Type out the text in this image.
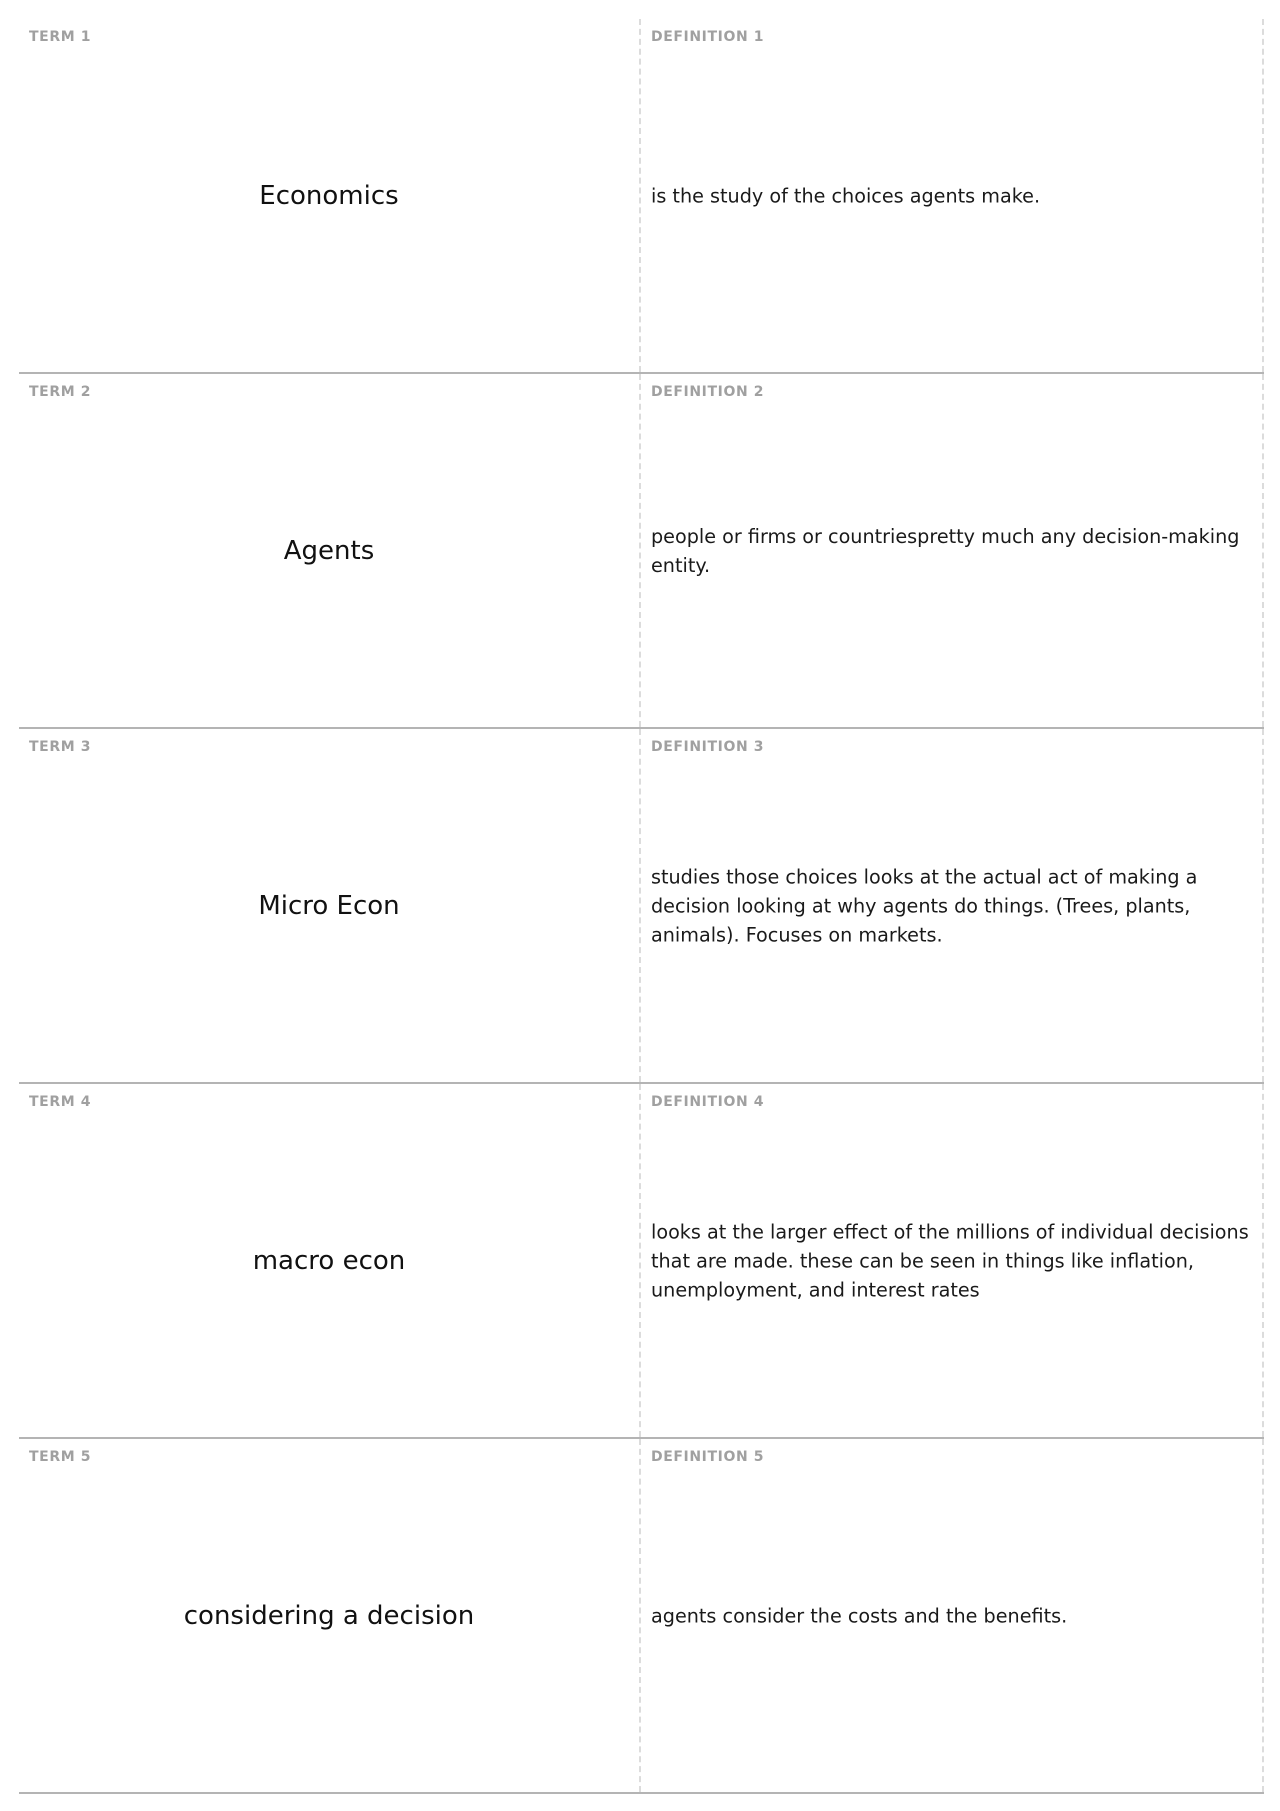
TERM 1
Economics
DEFINITION 1
is the study of the choices agents make.
TERM 2
Agents
DEFINITION 2
people or firms or countriespretty much any decision-making entity.
TERM 3
Micro Econ
DEFINITION 3
studies those choices looks at the actual act of making a decision looking at why agents do things. (Trees, plants, animals). Focuses on markets.
TERM 4
macro econ
DEFINITION 4
looks at the larger effect of the millions of individual decisions that are made. these can be seen in things like inflation, unemployment, and interest rates
TERM 5
considering a decision
DEFINITION 5
agents consider the costs and the benefits.
